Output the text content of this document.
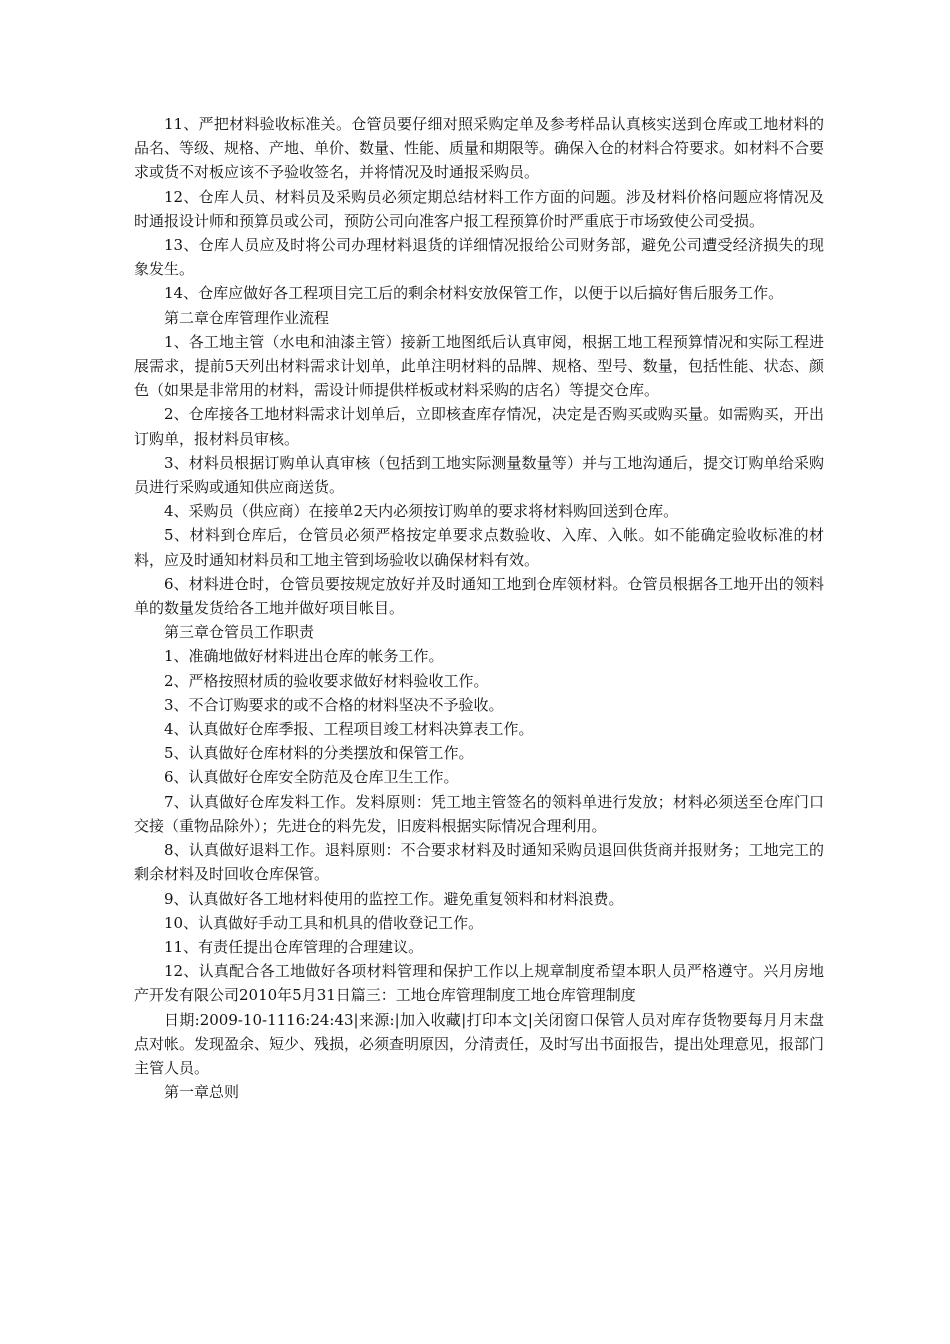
11、严把材料验收标准关。仓管员要仔细对照采购定单及参考样品认真核实送到仓库或工地材料的品名、等级、规格、产地、单价、数量、性能、质量和期限等。确保入仓的材料合符要求。如材料不合要求或货不对板应该不予验收签名，并将情况及时通报采购员。

12、仓库人员、材料员及采购员必须定期总结材料工作方面的问题。涉及材料价格问题应将情况及时通报设计师和预算员或公司，预防公司向准客户报工程预算价时严重底于市场致使公司受损。

13、仓库人员应及时将公司办理材料退货的详细情况报给公司财务部，避免公司遭受经济损失的现象发生。

14、仓库应做好各工程项目完工后的剩余材料安放保管工作，以便于以后搞好售后服务工作。

第二章仓库管理作业流程

1、各工地主管（水电和油漆主管）接新工地图纸后认真审阅，根据工地工程预算情况和实际工程进展需求，提前5天列出材料需求计划单，此单注明材料的品牌、规格、型号、数量，包括性能、状态、颜色（如果是非常用的材料，需设计师提供样板或材料采购的店名）等提交仓库。

2、仓库接各工地材料需求计划单后，立即核查库存情况，决定是否购买或购买量。如需购买，开出订购单，报材料员审核。

3、材料员根据订购单认真审核（包括到工地实际测量数量等）并与工地沟通后，提交订购单给采购员进行采购或通知供应商送货。

4、采购员（供应商）在接单2天内必须按订购单的要求将材料购回送到仓库。

5、材料到仓库后，仓管员必须严格按定单要求点数验收、入库、入帐。如不能确定验收标准的材料，应及时通知材料员和工地主管到场验收以确保材料有效。

6、材料进仓时，仓管员要按规定放好并及时通知工地到仓库领材料。仓管员根据各工地开出的领料单的数量发货给各工地并做好项目帐目。

第三章仓管员工作职责

1、准确地做好材料进出仓库的帐务工作。

2、严格按照材质的验收要求做好材料验收工作。

3、不合订购要求的或不合格的材料坚决不予验收。

4、认真做好仓库季报、工程项目竣工材料决算表工作。

5、认真做好仓库材料的分类摆放和保管工作。

6、认真做好仓库安全防范及仓库卫生工作。

7、认真做好仓库发料工作。发料原则：凭工地主管签名的领料单进行发放；材料必须送至仓库门口交接（重物品除外）；先进仓的料先发，旧废料根据实际情况合理利用。

8、认真做好退料工作。退料原则：不合要求材料及时通知采购员退回供货商并报财务；工地完工的剩余材料及时回收仓库保管。

9、认真做好各工地材料使用的监控工作。避免重复领料和材料浪费。

10、认真做好手动工具和机具的借收登记工作。

11、有责任提出仓库管理的合理建议。

12、认真配合各工地做好各项材料管理和保护工作以上规章制度希望本职人员严格遵守。兴月房地产开发有限公司2010年5月31日篇三：工地仓库管理制度工地仓库管理制度

日期:2009-10-1116:24:43|来源:|加入收藏|打印本文|关闭窗口保管人员对库存货物要每月月末盘点对帐。发现盈余、短少、残损，必须查明原因，分清责任，及时写出书面报告，提出处理意见，报部门主管人员。

第一章总则
